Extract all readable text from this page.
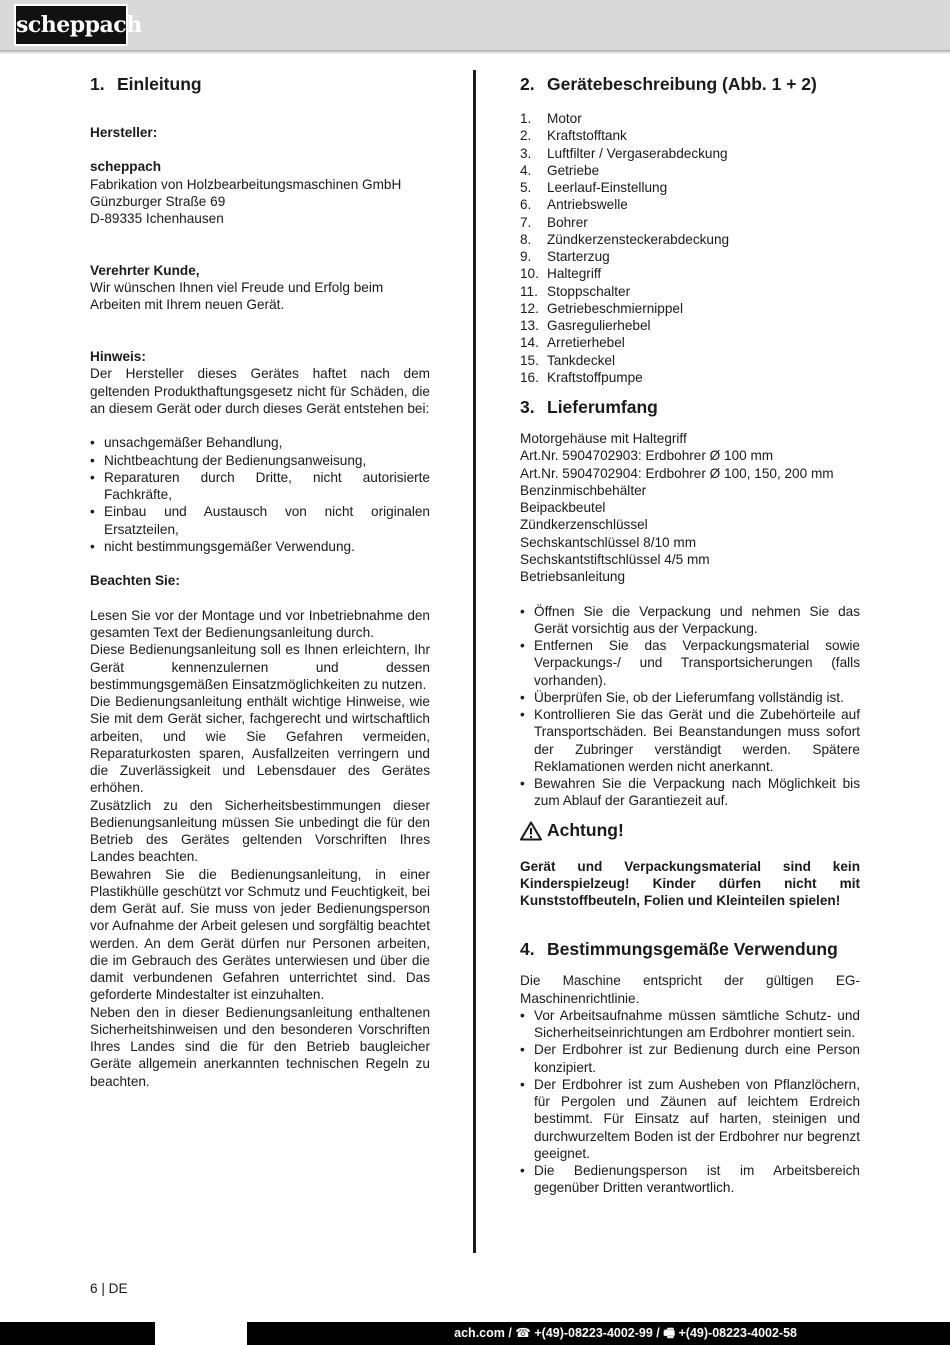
scheppach
1. Einleitung

Hersteller:

scheppach

Fabrikation von Holzbearbeitungsmaschinen GmbH

Günzburger Straße 69

D-89335 Ichenhausen

Verehrter Kunde,

Wir wünschen Ihnen viel Freude und Erfolg beim

Arbeiten mit Ihrem neuen Gerät.

Hinweis:

Der Hersteller dieses Gerätes haftet nach dem geltenden Produkthaftungsgesetz nicht für Schäden, die an diesem Gerät oder durch dieses Gerät entstehen bei:

• unsachgemäßer Behandlung,
• Nichtbeachtung der Bedienungsanweisung,
• Reparaturen durch Dritte, nicht autorisierte Fachkräfte,
• Einbau und Austausch von nicht originalen Ersatzteilen,
• nicht bestimmungsgemäßer Verwendung.

Beachten Sie:

Lesen Sie vor der Montage und vor Inbetriebnahme den gesamten Text der Bedienungsanleitung durch.

Diese Bedienungsanleitung soll es Ihnen erleichtern, Ihr Gerät kennenzulernen und dessen bestimmungsgemäßen Einsatzmöglichkeiten zu nutzen.

Die Bedienungsanleitung enthält wichtige Hinweise, wie Sie mit dem Gerät sicher, fachgerecht und wirtschaftlich arbeiten, und wie Sie Gefahren vermeiden, Reparaturkosten sparen, Ausfallzeiten verringern und die Zuverlässigkeit und Lebensdauer des Gerätes erhöhen.

Zusätzlich zu den Sicherheitsbestimmungen dieser Bedienungsanleitung müssen Sie unbedingt die für den Betrieb des Gerätes geltenden Vorschriften Ihres Landes beachten.

Bewahren Sie die Bedienungsanleitung, in einer Plastikhülle geschützt vor Schmutz und Feuchtigkeit, bei dem Gerät auf. Sie muss von jeder Bedienungsperson vor Aufnahme der Arbeit gelesen und sorgfältig beachtet werden. An dem Gerät dürfen nur Personen arbeiten, die im Gebrauch des Gerätes unterwiesen und über die damit verbundenen Gefahren unterrichtet sind. Das geforderte Mindestalter ist einzuhalten.

Neben den in dieser Bedienungsanleitung enthaltenen Sicherheitshinweisen und den besonderen Vorschriften Ihres Landes sind die für den Betrieb baugleicher Geräte allgemein anerkannten technischen Regeln zu beachten.

2. Gerätebeschreibung (Abb. 1 + 2)
1.	Motor
2.	Kraftstofftank
3.	Luftfilter / Vergaserabdeckung
4.	Getriebe
5.	Leerlauf-Einstellung
6.	Antriebswelle
7.	Bohrer
8.	Zündkerzensteckerabdeckung
9.	Starterzug
10. Haltegriff
11. Stoppschalter
12. Getriebeschmiernippel
13. Gasregulierhebel
14. Arretierhebel
15. Tankdeckel
16. Kraftstoffpumpe
3. Lieferumfang

Motorgehäuse mit Haltegriff

Art.Nr. 5904702903: Erdbohrer Ø 100 mm

Art.Nr. 5904702904: Erdbohrer Ø 100, 150, 200 mm

Benzinmischbehälter

Beipackbeutel

Zündkerzenschlüssel

Sechskantschlüssel 8/10 mm

Sechskantstiftschlüssel 4/5 mm

Betriebsanleitung

• Öffnen Sie die Verpackung und nehmen Sie das Gerät vorsichtig aus der Verpackung.
• Entfernen Sie das Verpackungsmaterial sowie Verpackungs-/ und Transportsicherungen (falls vorhanden).
• Überprüfen Sie, ob der Lieferumfang vollständig ist.
• Kontrollieren Sie das Gerät und die Zubehörteile auf Transportschäden. Bei Beanstandungen muss sofort der Zubringer verständigt werden. Spätere Reklamationen werden nicht anerkannt.
• Bewahren Sie die Verpackung nach Möglichkeit bis zum Ablauf der Garantiezeit auf.
Achtung!

Gerät und Verpackungsmaterial sind kein Kinderspielzeug! Kinder dürfen nicht mit Kunststoffbeuteln, Folien und Kleinteilen spielen!

4. Bestimmungsgemäße Verwendung

Die Maschine entspricht der gültigen EG-Maschinenrichtlinie.

• Vor Arbeitsaufnahme müssen sämtliche Schutz- und Sicherheitseinrichtungen am Erdbohrer montiert sein.
• Der Erdbohrer ist zur Bedienung durch eine Person konzipiert.
• Der Erdbohrer ist zum Ausheben von Pflanzlöchern, für Pergolen und Zäunen auf leichtem Erdreich bestimmt. Für Einsatz auf harten, steinigen und durchwurzeltem Boden ist der Erdbohrer nur begrenzt geeignet.
• Die Bedienungsperson ist im Arbeitsbereich gegenüber Dritten verantwortlich.
6 | DE
ach.com / ☎ +(49)-08223-4002-99 / 🖷 +(49)-08223-4002-58
